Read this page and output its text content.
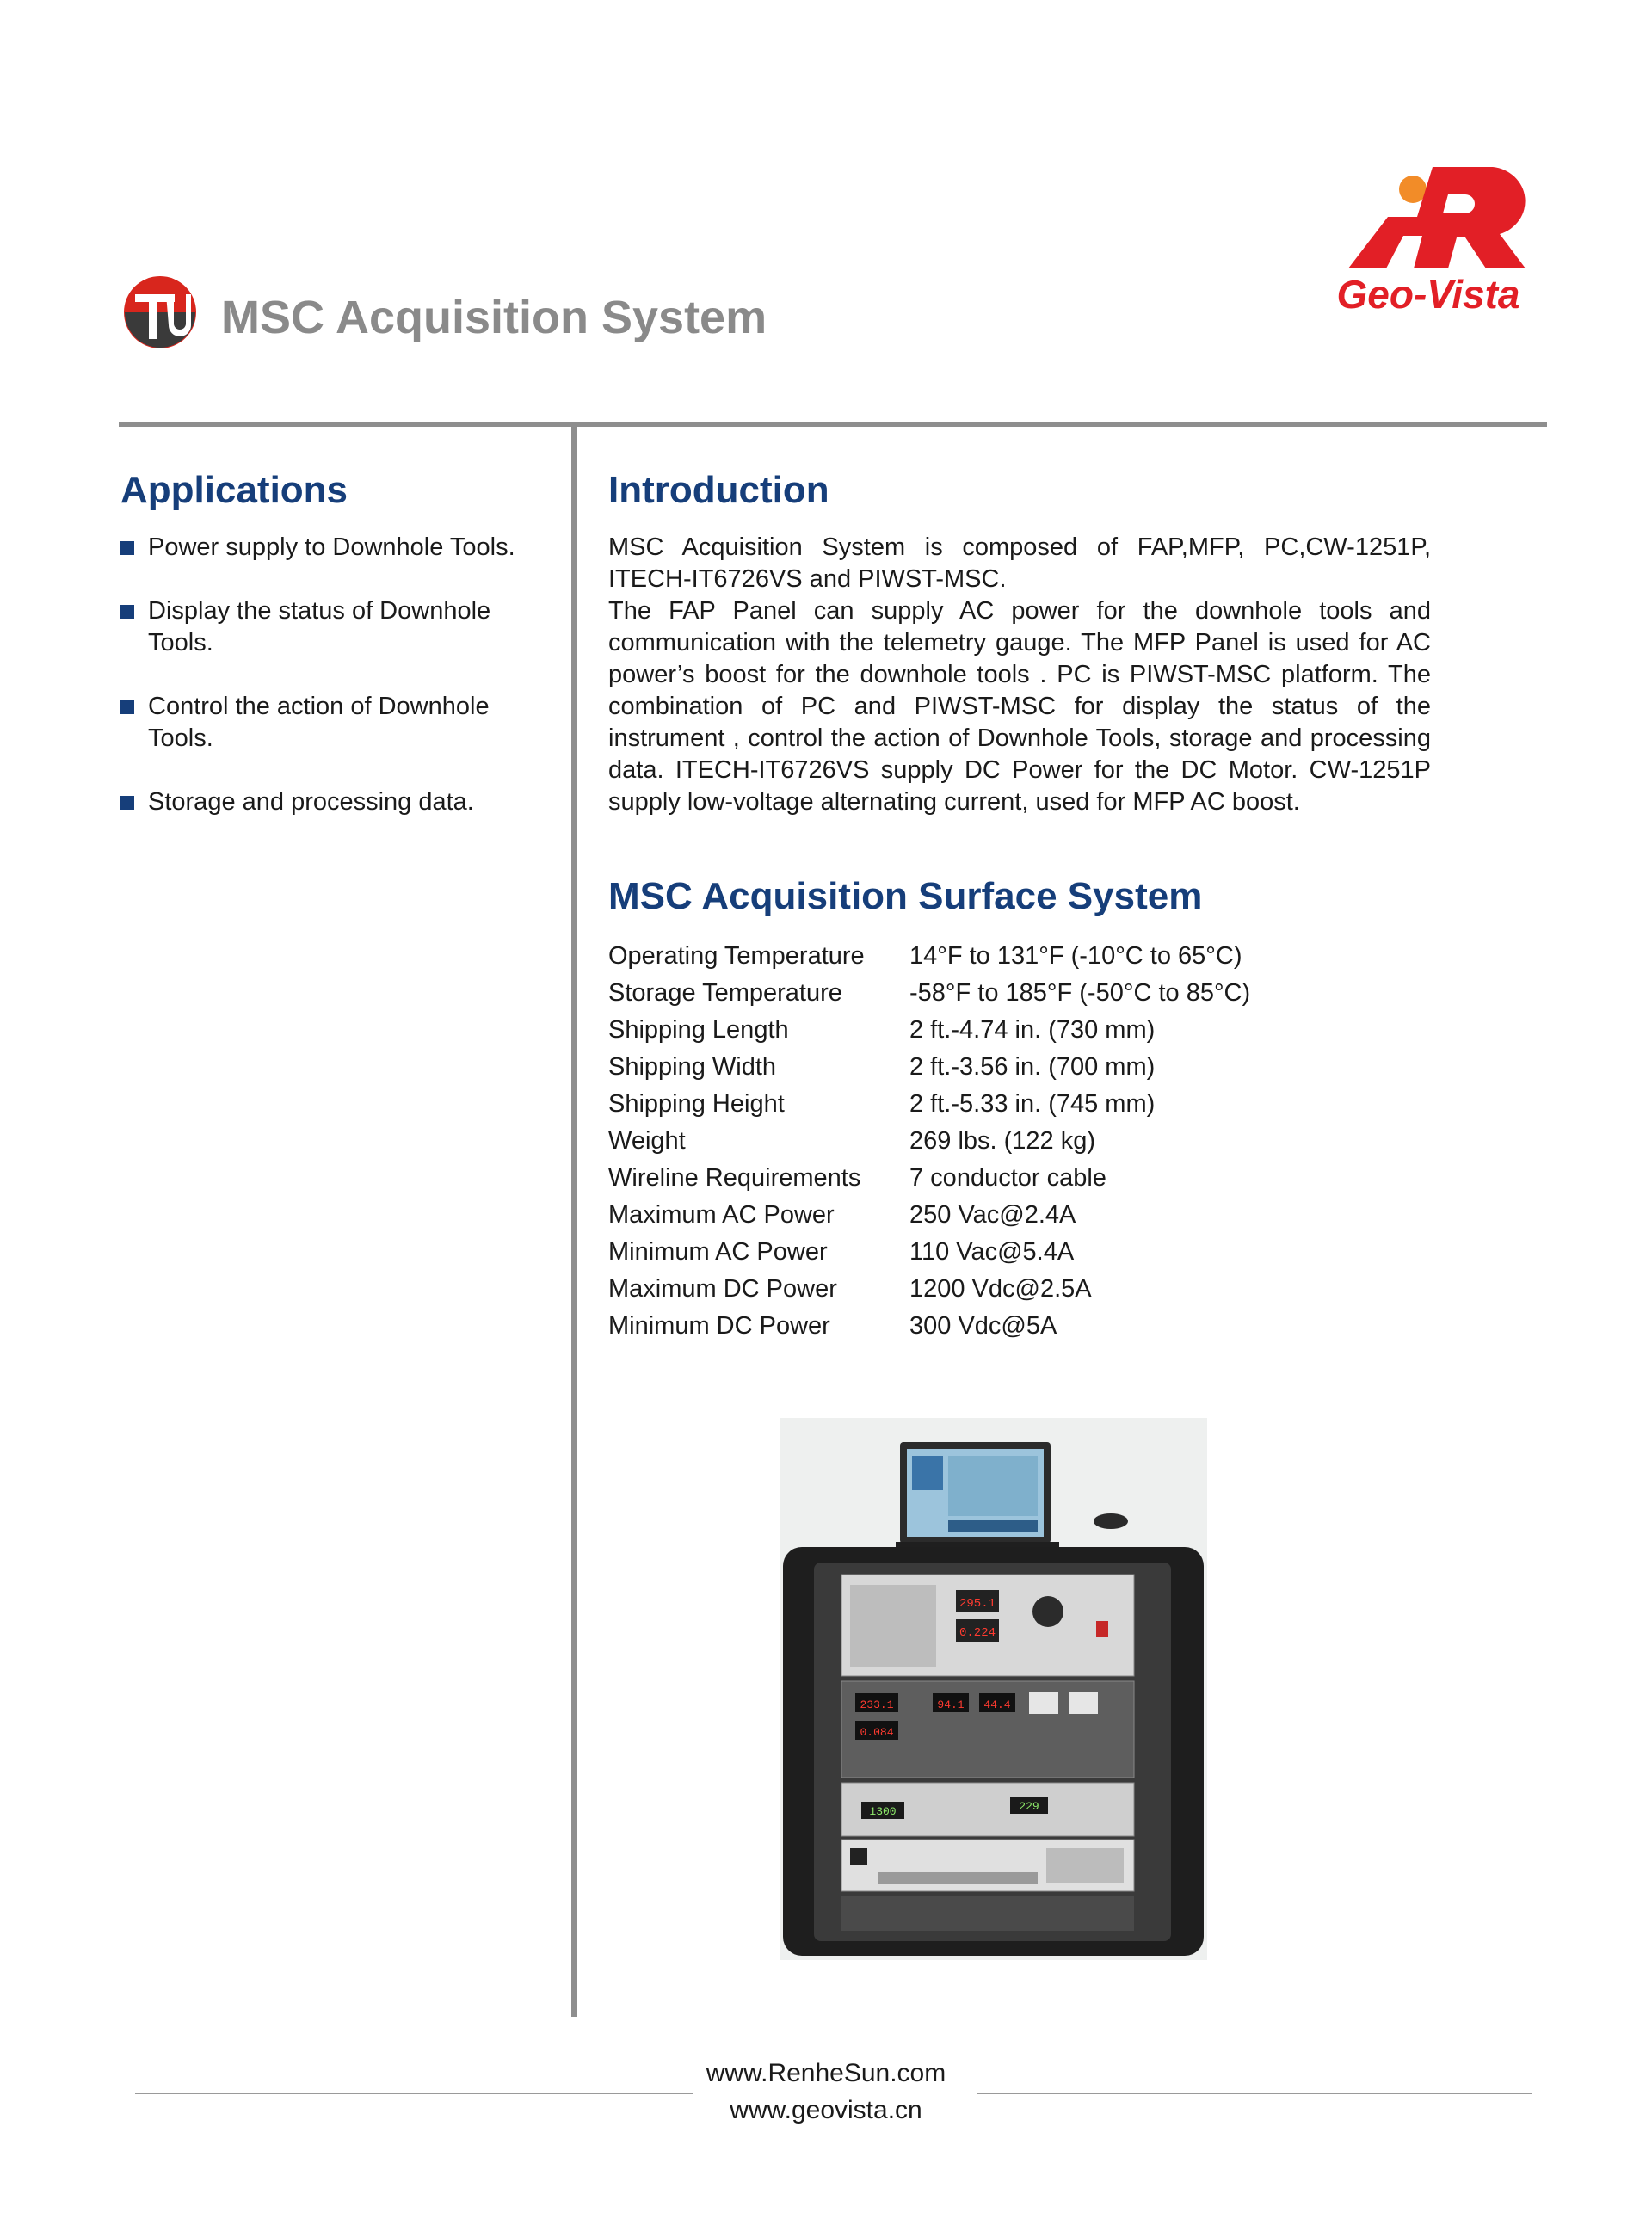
MSC Acquisition System	Geo-Vista
Applications
Power supply to Downhole Tools.
Display the status of Downhole Tools.
Control the action of Downhole Tools.
Storage and processing data.
Introduction

MSC Acquisition System is composed of FAP,MFP, PC,CW-1251P, ITECH-IT6726VS and PIWST-MSC.

The FAP Panel can supply AC power for the downhole tools and communication with the telemetry gauge. The MFP Panel is used for AC power’s boost for the downhole tools . PC is PIWST-MSC platform. The combination of PC and PIWST-MSC for display the status of the instrument , control the action of Downhole Tools, storage and processing data. ITECH-IT6726VS supply DC Power for the DC Motor. CW-1251P supply low-voltage alternating current, used for MFP AC boost.

MSC Acquisition Surface System
Operating Temperature	14°F to 131°F (-10°C to 65°C)
Storage Temperature	-58°F to 185°F (-50°C to 85°C)
Shipping Length	2 ft.-4.74 in. (730 mm)
Shipping Width	2 ft.-3.56 in. (700 mm)
Shipping Height	2 ft.-5.33 in. (745 mm)
Weight	269 lbs. (122 kg)
Wireline Requirements	7 conductor cable
Maximum AC Power	250 Vac@2.4A
Minimum AC Power	110 Vac@5.4A
Maximum DC Power	1200 Vdc@2.5A
Minimum DC Power	300 Vdc@5A
295.1
0.224
233.1	94.1 44.4
0.084
1300	229
www.RenheSun.com
www.geovista.cn
